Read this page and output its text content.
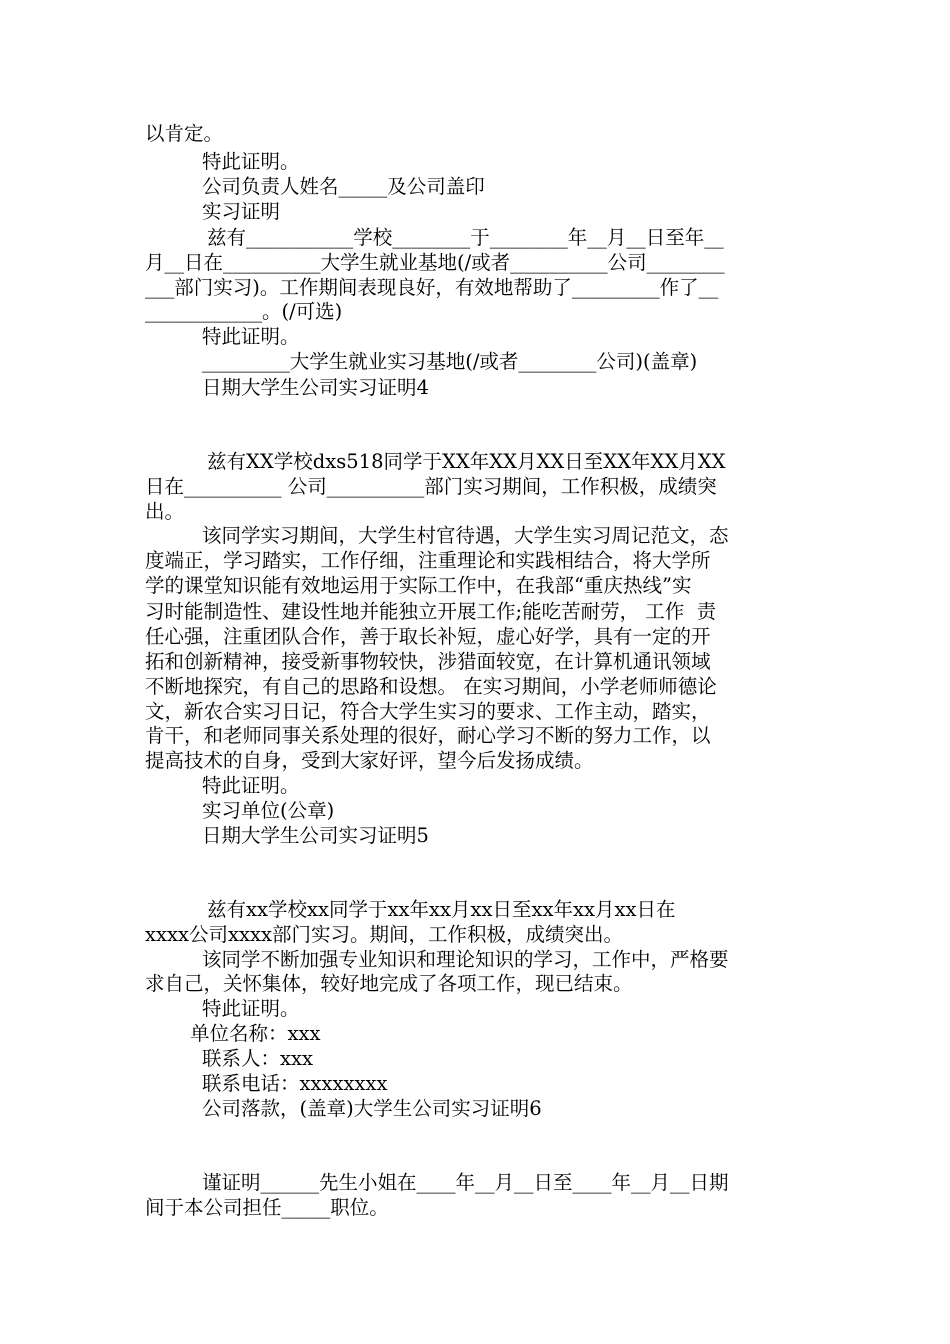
以肯定。

特此证明。

公司负责人姓名_____及公司盖印

实习证明

兹有___________学校________于________年__月__日至年__

月__日在__________大学生就业基地(/或者__________公司________

___部门实习)。工作期间表现良好，有效地帮助了_________作了__

____________。(/可选)

特此证明。

_________大学生就业实习基地(/或者________公司)(盖章)

日期大学生公司实习证明4

兹有XX学校dxs518同学于XX年XX月XX日至XX年XX月XX

日在__________ 公司__________部门实习期间，工作积极，成绩突

出。

该同学实习期间，大学生村官待遇，大学生实习周记范文，态

度端正，学习踏实，工作仔细，注重理论和实践相结合，将大学所

学的课堂知识能有效地运用于实际工作中，在我部“重庆热线”实

习时能制造性、建设性地并能独立开展工作;能吃苦耐劳， 工作  责

任心强，注重团队合作，善于取长补短，虚心好学，具有一定的开

拓和创新精神，接受新事物较快，涉猎面较宽，在计算机通讯领域

不断地探究，有自己的思路和设想。 在实习期间，小学老师师德论

文，新农合实习日记，符合大学生实习的要求、工作主动，踏实，

肯干，和老师同事关系处理的很好，耐心学习不断的努力工作，以

提高技术的自身，受到大家好评，望今后发扬成绩。

特此证明。

实习单位(公章)

日期大学生公司实习证明5

兹有xx学校xx同学于xx年xx月xx日至xx年xx月xx日在

xxxx公司xxxx部门实习。期间，工作积极，成绩突出。

该同学不断加强专业知识和理论知识的学习，工作中，严格要

求自己，关怀集体，较好地完成了各项工作，现已结束。

特此证明。

单位名称：xxx

联系人：xxx

联系电话：xxxxxxxx

公司落款，(盖章)大学生公司实习证明6

谨证明______先生小姐在____年__月__日至____年__月__日期

间于本公司担任_____职位。
